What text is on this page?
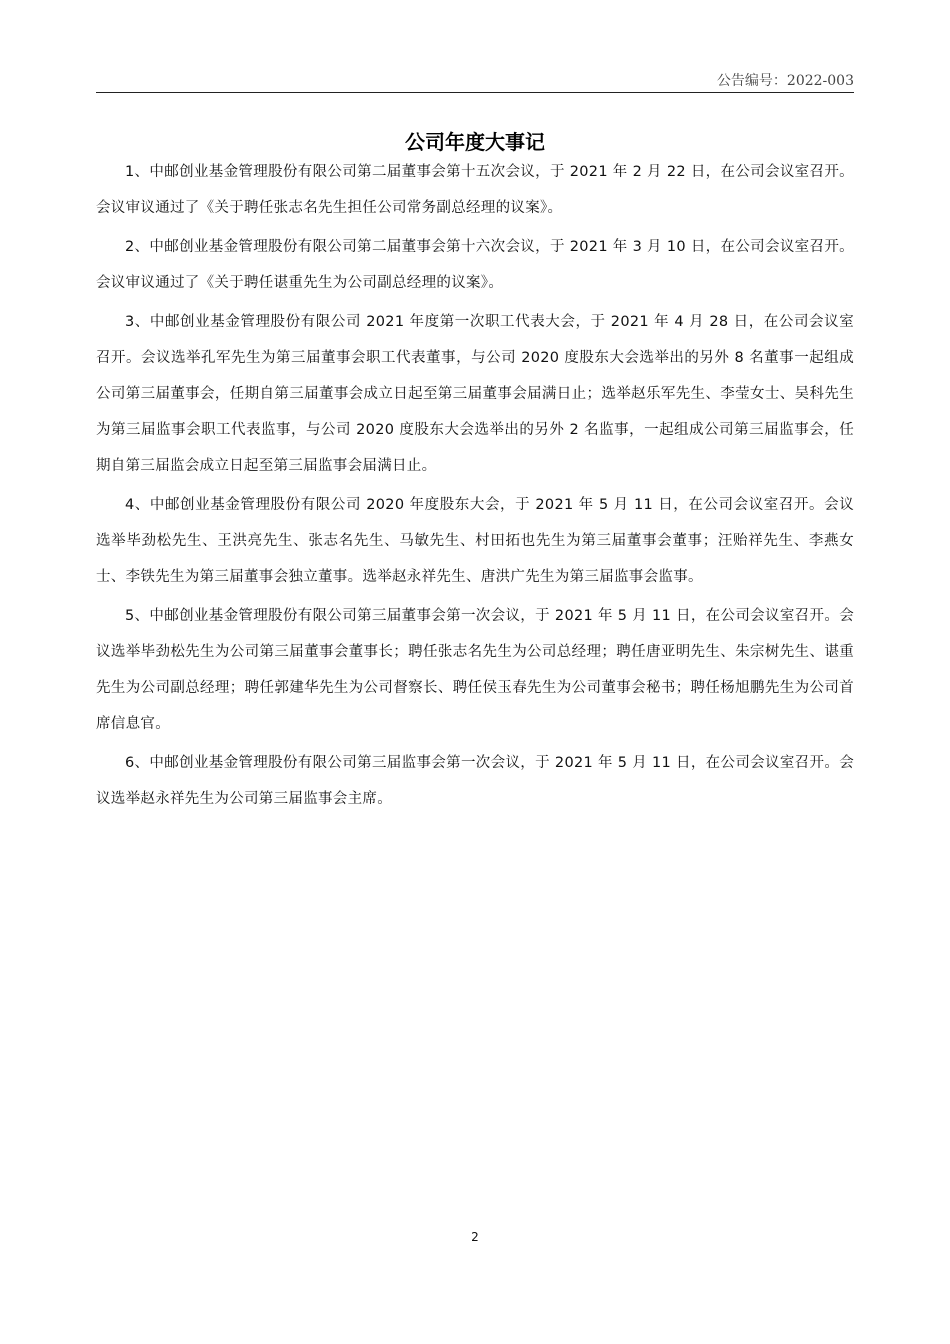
公告编号：2022-003
公司年度大事记

1、中邮创业基金管理股份有限公司第二届董事会第十五次会议，于 2021 年 2 月 22 日，在公司会议室召开。会议审议通过了《关于聘任张志名先生担任公司常务副总经理的议案》。

2、中邮创业基金管理股份有限公司第二届董事会第十六次会议，于 2021 年 3 月 10 日，在公司会议室召开。会议审议通过了《关于聘任谌重先生为公司副总经理的议案》。

3、中邮创业基金管理股份有限公司 2021 年度第一次职工代表大会，于 2021 年 4 月 28 日，在公司会议室召开。会议选举孔军先生为第三届董事会职工代表董事，与公司 2020 度股东大会选举出的另外 8 名董事一起组成公司第三届董事会，任期自第三届董事会成立日起至第三届董事会届满日止；选举赵乐军先生、李莹女士、吴科先生为第三届监事会职工代表监事，与公司 2020 度股东大会选举出的另外 2 名监事，一起组成公司第三届监事会，任期自第三届监会成立日起至第三届监事会届满日止。

4、中邮创业基金管理股份有限公司 2020 年度股东大会，于 2021 年 5 月 11 日，在公司会议室召开。会议选举毕劲松先生、王洪亮先生、张志名先生、马敏先生、村田拓也先生为第三届董事会董事；汪贻祥先生、李燕女士、李铁先生为第三届董事会独立董事。选举赵永祥先生、唐洪广先生为第三届监事会监事。

5、中邮创业基金管理股份有限公司第三届董事会第一次会议，于 2021 年 5 月 11 日，在公司会议室召开。会议选举毕劲松先生为公司第三届董事会董事长；聘任张志名先生为公司总经理；聘任唐亚明先生、朱宗树先生、谌重先生为公司副总经理；聘任郭建华先生为公司督察长、聘任侯玉春先生为公司董事会秘书；聘任杨旭鹏先生为公司首席信息官。

6、中邮创业基金管理股份有限公司第三届监事会第一次会议，于 2021 年 5 月 11 日，在公司会议室召开。会议选举赵永祥先生为公司第三届监事会主席。

2
